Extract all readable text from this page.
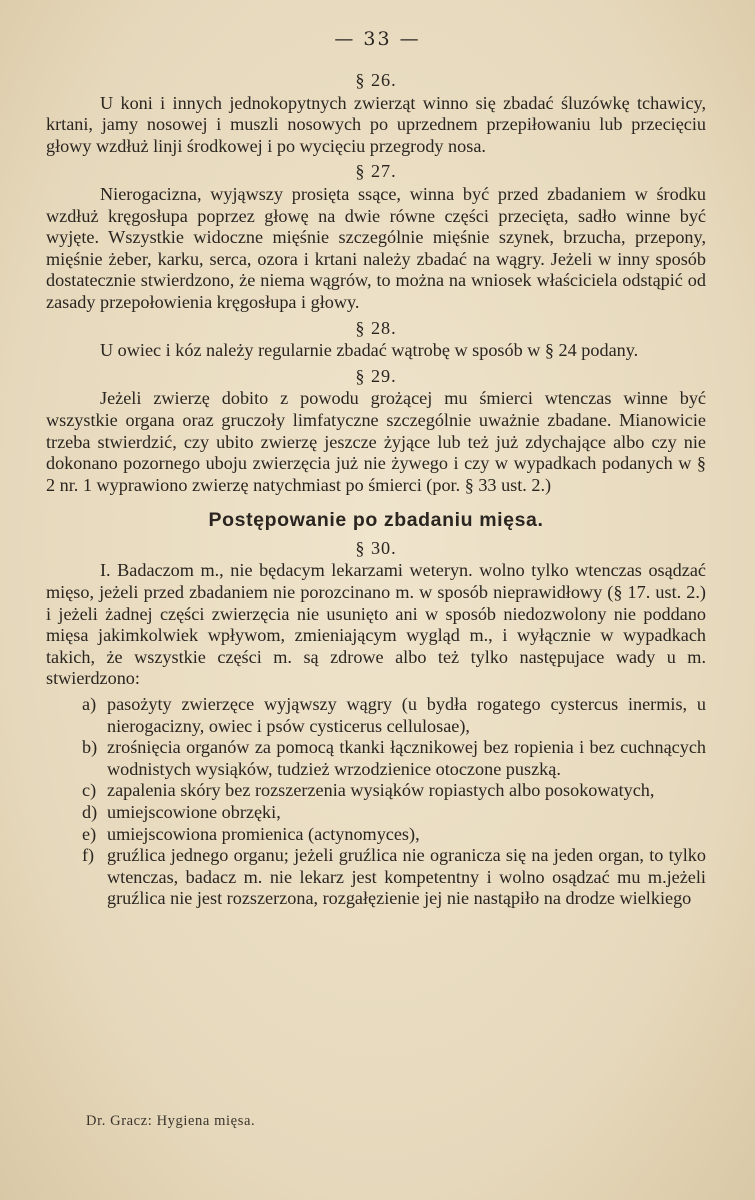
— 33 —
§ 26.

U koni i innych jednokopytnych zwierząt winno się zbadać śluzówkę tchawicy, krtani, jamy nosowej i muszli nosowych po uprzednem przepiłowaniu lub przecięciu głowy wzdłuż linji środkowej i po wycięciu przegrody nosa.

§ 27.

Nierogacizna, wyjąwszy prosięta ssące, winna być przed zbadaniem w środku wzdłuż kręgosłupa poprzez głowę na dwie równe części przecięta, sadło winne być wyjęte. Wszystkie widoczne mięśnie szczególnie mięśnie szynek, brzucha, przepony, mięśnie żeber, karku, serca, ozora i krtani należy zbadać na wągry. Jeżeli w inny sposób dostatecznie stwierdzono, że niema wągrów, to można na wniosek właściciela odstąpić od zasady przepołowienia kręgosłupa i głowy.

§ 28.

U owiec i kóz należy regularnie zbadać wątrobę w sposób w § 24 podany.

§ 29.

Jeżeli zwierzę dobito z powodu grożącej mu śmierci wtenczas winne być wszystkie organa oraz gruczoły limfatyczne szczególnie uważnie zbadane. Mianowicie trzeba stwierdzić, czy ubito zwierzę jeszcze żyjące lub też już zdychające albo czy nie dokonano pozornego uboju zwierzęcia już nie żywego i czy w wypadkach podanych w § 2 nr. 1 wyprawiono zwierzę natychmiast po śmierci (por. § 33 ust. 2.)

Postępowanie po zbadaniu mięsa.
§ 30.

I. Badaczom m., nie będacym lekarzami weteryn. wolno tylko wtenczas osądzać mięso, jeżeli przed zbadaniem nie porozcinano m. w sposób nieprawidłowy (§ 17. ust. 2.) i jeżeli żadnej części zwierzęcia nie usunięto ani w sposób niedozwolony nie poddano mięsa jakimkolwiek wpływom, zmieniającym wygląd m., i wyłącznie w wypadkach takich, że wszystkie części m. są zdrowe albo też tylko następujace wady u m. stwierdzono:

a) pasożyty zwierzęce wyjąwszy wągry (u bydła rogatego cystercus inermis, u nierogacizny, owiec i psów cysticerus cellulosae),
b) zrośnięcia organów za pomocą tkanki łącznikowej bez ropienia i bez cuchnących wodnistych wysiąków, tudzież wrzodzienice otoczone puszką.
c) zapalenia skóry bez rozszerzenia wysiąków ropiastych albo posokowatych,
d) umiejscowione obrzęki,
e) umiejscowiona promienica (actynomyces),
f) gruźlica jednego organu; jeżeli gruźlica nie ogranicza się na jeden organ, to tylko wtenczas, badacz m. nie lekarz jest kompetentny i wolno osądzać mu m.jeżeli gruźlica nie jest rozszerzona, rozgałęzienie jej nie nastąpiło na drodze wielkiego
Dr. Gracz: Hygiena mięsa.
